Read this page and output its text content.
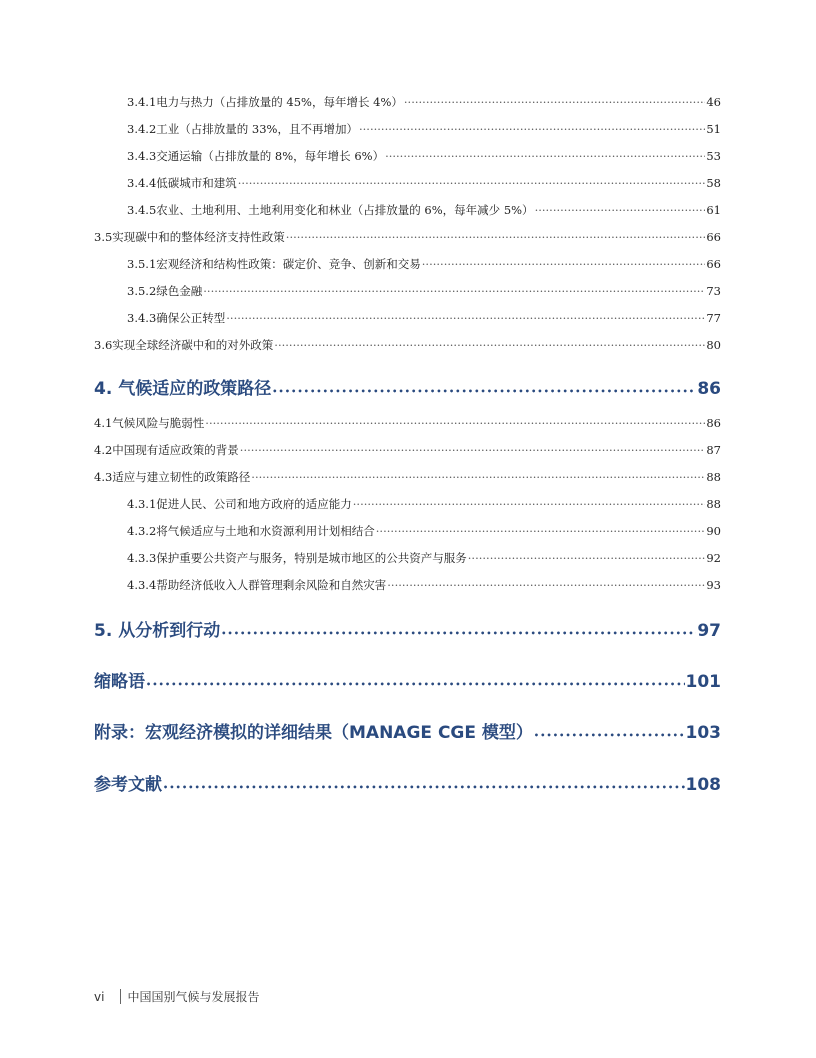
3.4.1 电力与热力（占排放量的 45%，每年增长 4%） ·····	46
3.4.2 工业（占排放量的 33%，且不再增加） ·····	51
3.4.3 交通运输（占排放量的 8%，每年增长 6%） ·····	53
3.4.4 低碳城市和建筑 ·····	58
3.4.5 农业、土地利用、土地利用变化和林业（占排放量的 6%，每年减少 5%） ·····	61
3.5 实现碳中和的整体经济支持性政策 ·····	66
3.5.1 宏观经济和结构性政策：碳定价、竞争、创新和交易 ·····	66
3.5.2 绿色金融 ·····	73
3.4.3 确保公正转型 ·····	77
3.6 实现全球经济碳中和的对外政策 ·····	80
4. 气候适应的政策路径 •••••	86
4.1 气候风险与脆弱性 ·····	86
4.2 中国现有适应政策的背景 ·····	87
4.3 适应与建立韧性的政策路径 ·····	88
4.3.1 促进人民、公司和地方政府的适应能力 ·····	88
4.3.2 将气候适应与土地和水资源利用计划相结合 ·····	90
4.3.3 保护重要公共资产与服务，特别是城市地区的公共资产与服务 ·····	92
4.3.4 帮助经济低收入人群管理剩余风险和自然灾害 ·····	93
5. 从分析到行动 •••••	97
缩略语 •••••	101
附录：宏观经济模拟的详细结果（MANAGE CGE 模型） •••••	103
参考文献 •••••	108
vi 中国国别气候与发展报告
